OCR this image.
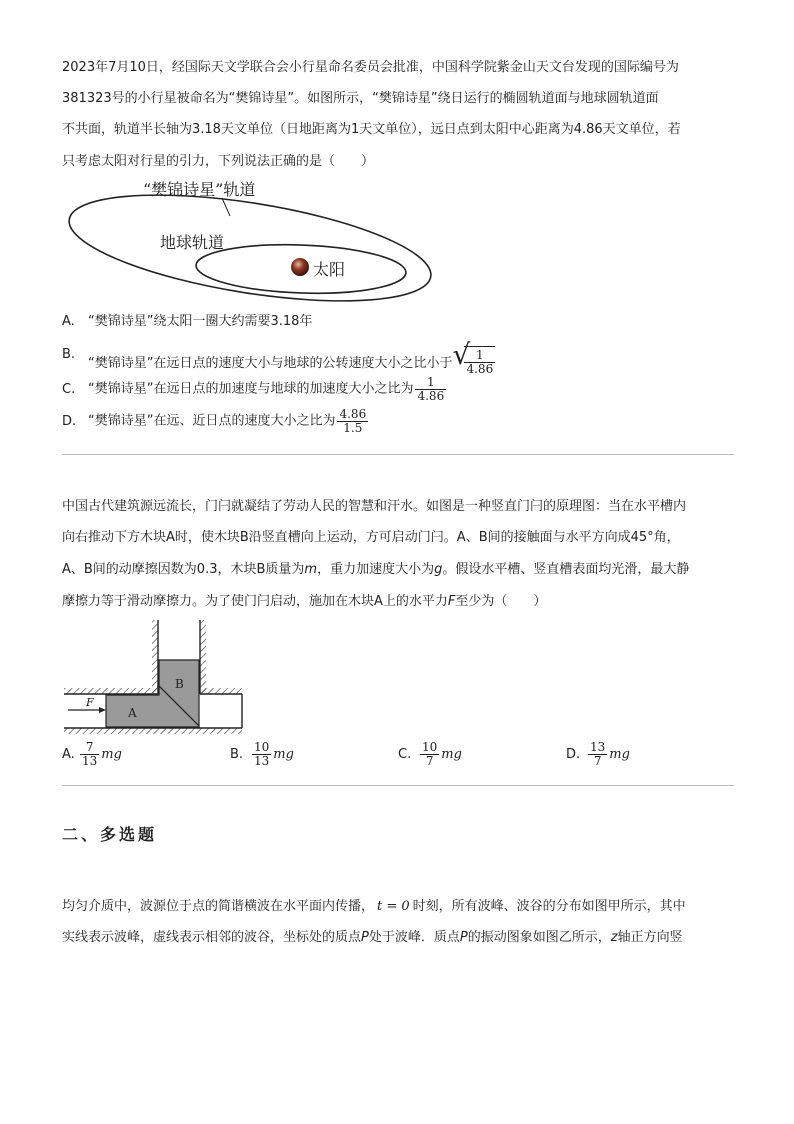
2023年7月10日，经国际天文学联合会小行星命名委员会批准，中国科学院紫金山天文台发现的国际编号为
381323号的小行星被命名为“樊锦诗星”。如图所示，“樊锦诗星”绕日运行的椭圆轨道面与地球圆轨道面
不共面，轨道半长轴为3.18天文单位（日地距离为1天文单位），远日点到太阳中心距离为4.86天文单位，若
只考虑太阳对行星的引力，下列说法正确的是（　　）
“樊锦诗星”轨道
地球轨道
太阳
A. “樊锦诗星”绕太阳一圈大约需要3.18年
B.“樊锦诗星”在远日点的速度大小与地球的公转速度大小之比小于 √
$\frac{1}{4.86}$
C. “樊锦诗星”在远日点的加速度与地球的加速度大小之比为 $\frac{1}{4.86}$
D. “樊锦诗星”在远、近日点的速度大小之比为 $\frac{4.86}{1.5}$
中国古代建筑源远流长，门闩就凝结了劳动人民的智慧和汗水。如图是一种竖直门闩的原理图：当在水平槽内
向右推动下方木块A时，使木块B沿竖直槽向上运动，方可启动门闩。A、B间的接触面与水平方向成45°角，
A、B间的动摩擦因数为0.3，木块B质量为m，重力加速度大小为g。假设水平槽、竖直槽表面均光滑，最大静
摩擦力等于滑动摩擦力。为了使门闩启动，施加在木块A上的水平力F至少为（　　）
F
A
B
A. $\frac{7}{13}$ mg	B. $\frac{10}{13}$ mg	C. $\frac{10}{7}$ mg	D. $\frac{13}{7}$ mg
二、多选题
均匀介质中，波源位于点的简谐横波在水平面内传播， t = 0 时刻，所有波峰、波谷的分布如图甲所示，其中
实线表示波峰，虚线表示相邻的波谷，坐标处的质点P处于波峰．质点P的振动图象如图乙所示，z轴正方向竖
